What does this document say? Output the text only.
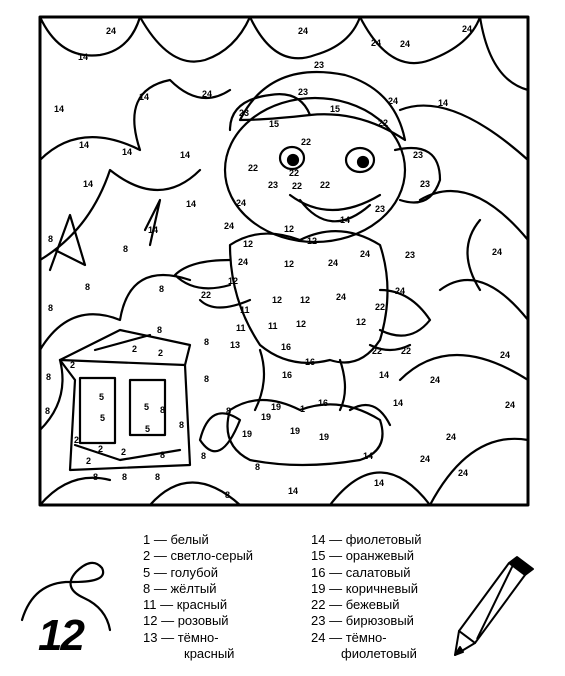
24	24
24
24
14
24
14
23
24	23
14
24
23	15
14
14
14	14
22
15
22
22	22
23
22	23
23 22
14
14	24
8
14
23
14
8
24
8
12
8
12	12
24
23
8
22
12	24
24	24
8
12
11
12 12
22
24
8	11
24
11 12	12
8
2	13	16	22 22
2
2
8
16
16	24
8
5
14
8
5
5
1
16
8
14
24
2
5
19
19
19
8
2
8
2
19	19
2
8
24
8
14
24
14
24
8	8	8
24
8
14
1 — белый
2 — светло-серый
5 — голубой
8 — жёлтый
11 — красный
12 — розовый
13 — тёмно-
красный
14 — фиолетовый
15 — оранжевый
16 — салатовый
19 — коричневый
22 — бежевый
23 — бирюзовый
24 — тёмно-
фиолетовый
12
